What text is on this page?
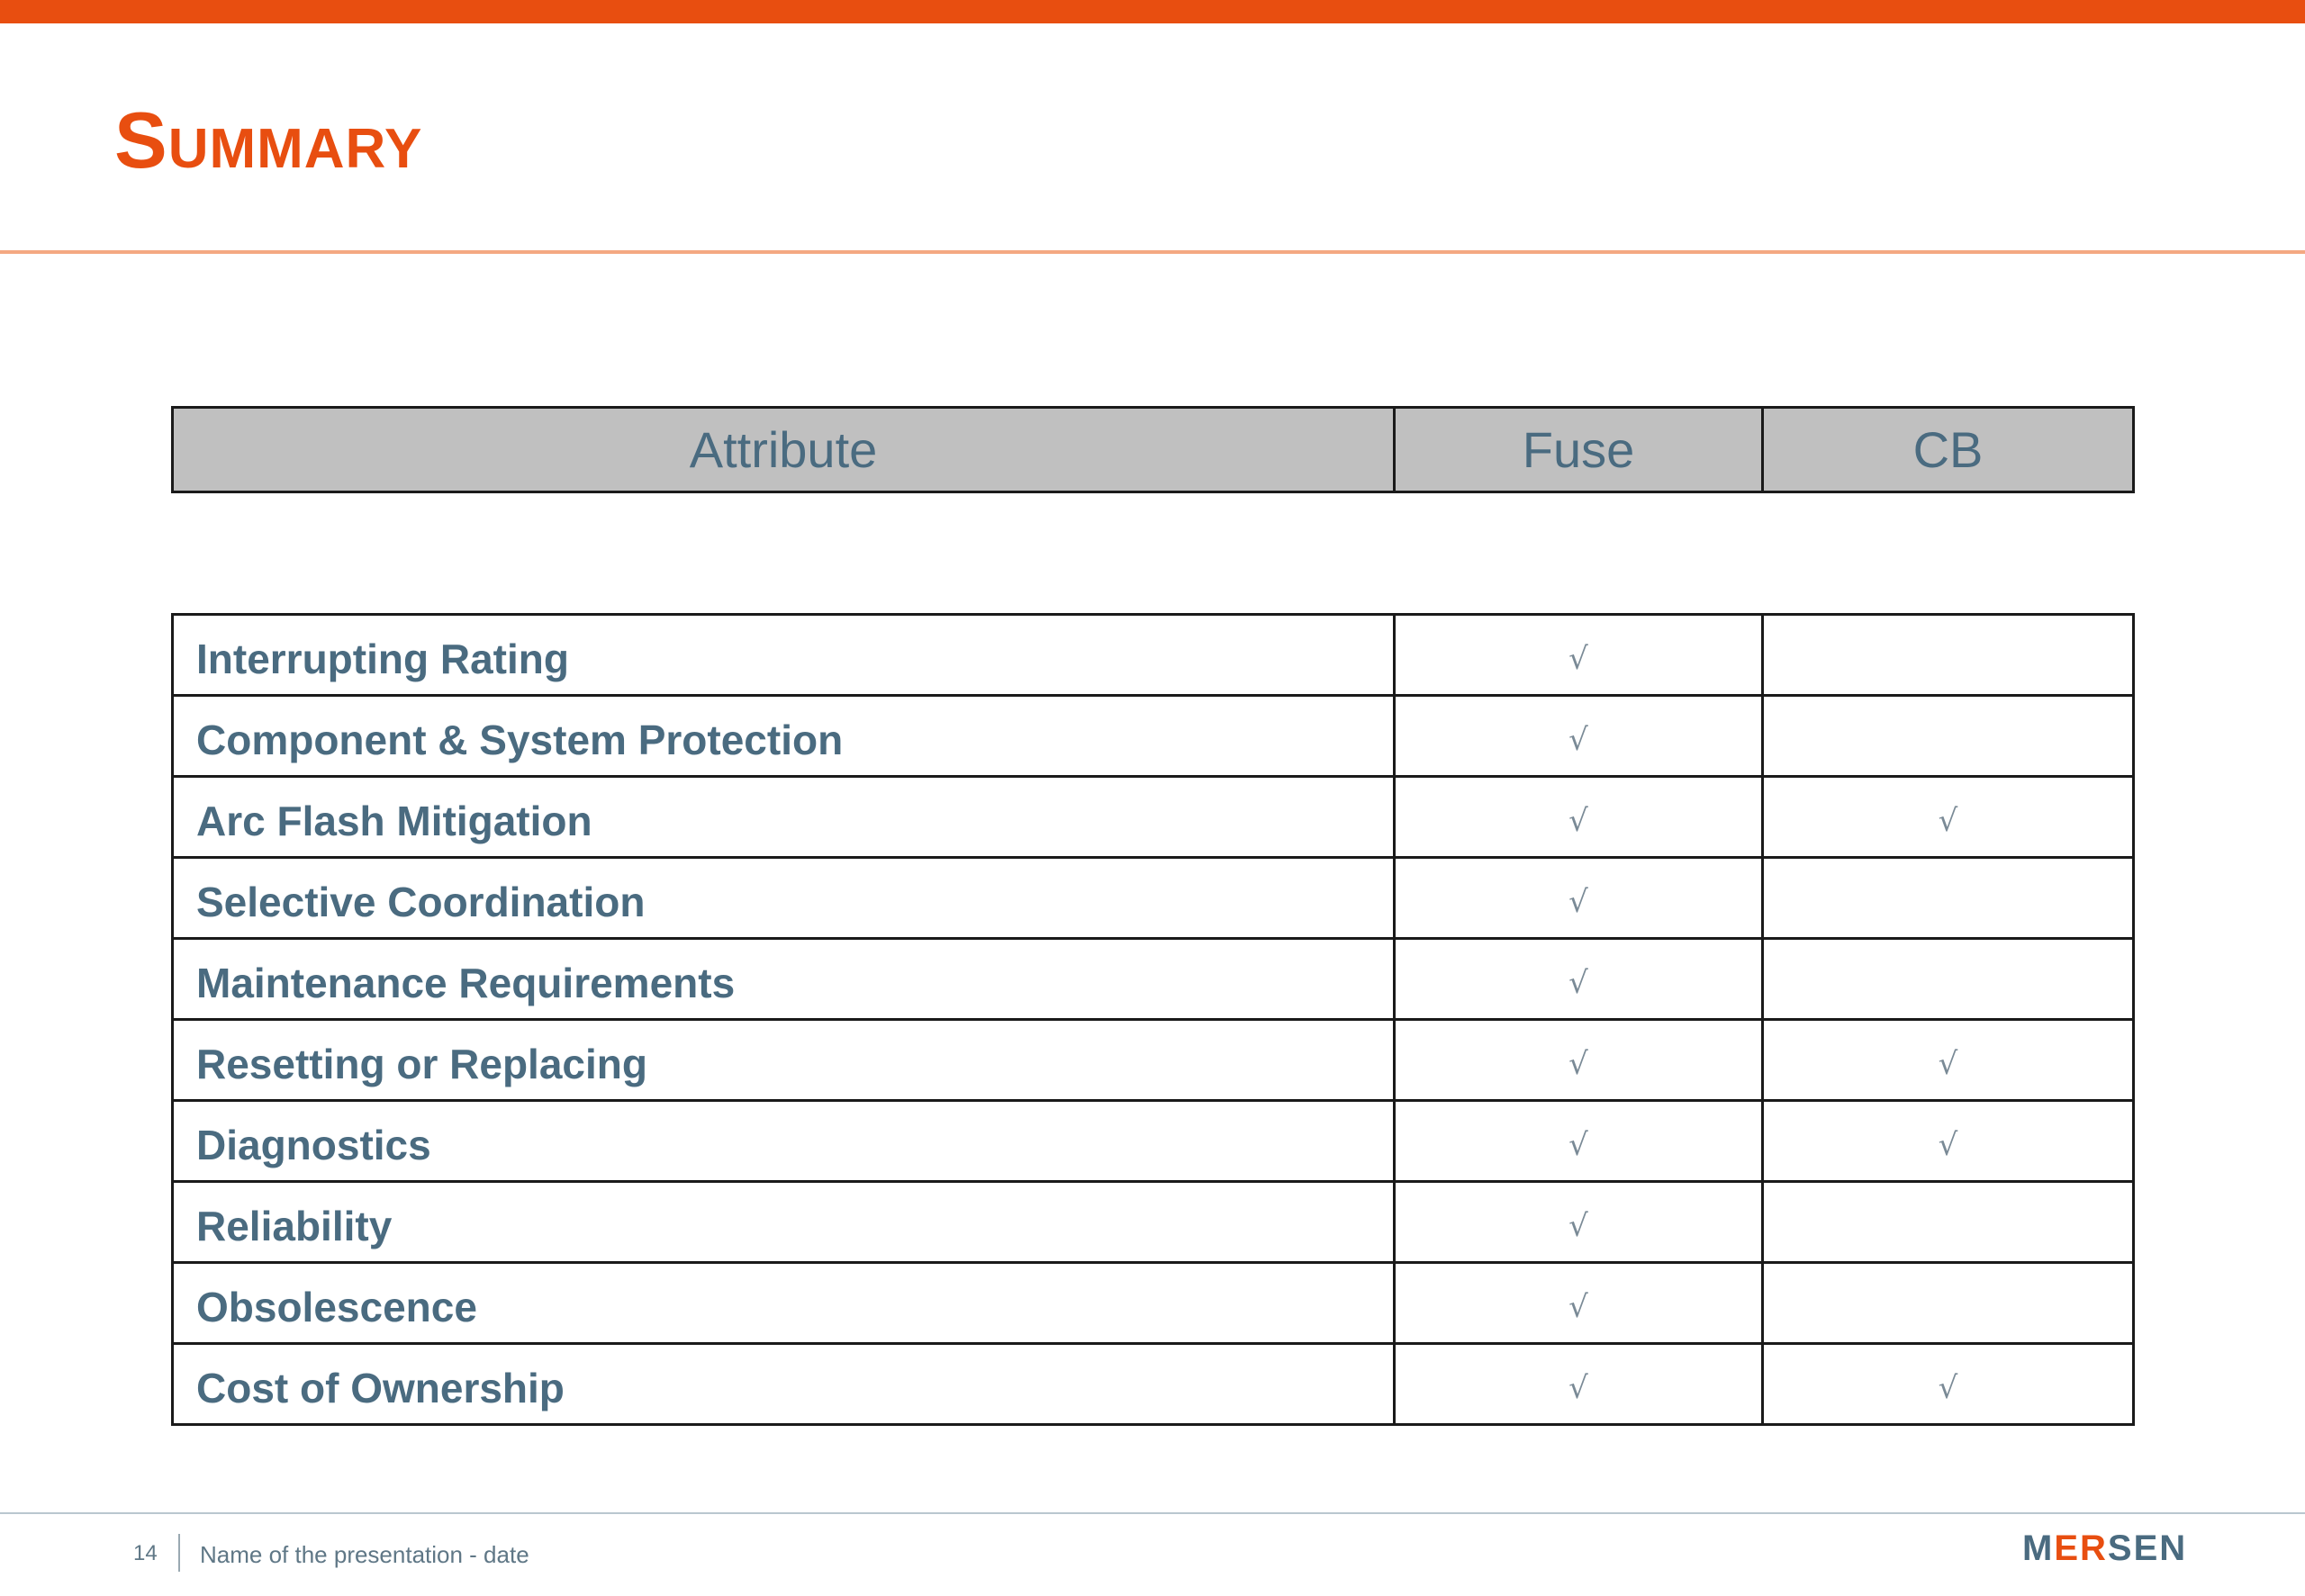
Summary
Attribute	Fuse	CB
Interrupting Rating	√	
Component & System Protection	√	
Arc Flash Mitigation	√	√
Selective Coordination	√	
Maintenance Requirements	√	
Resetting or Replacing	√	√
Diagnostics	√	√
Reliability	√	
Obsolescence	√	
Cost of Ownership	√	√
14 Name of the presentation - date	MERSEN
